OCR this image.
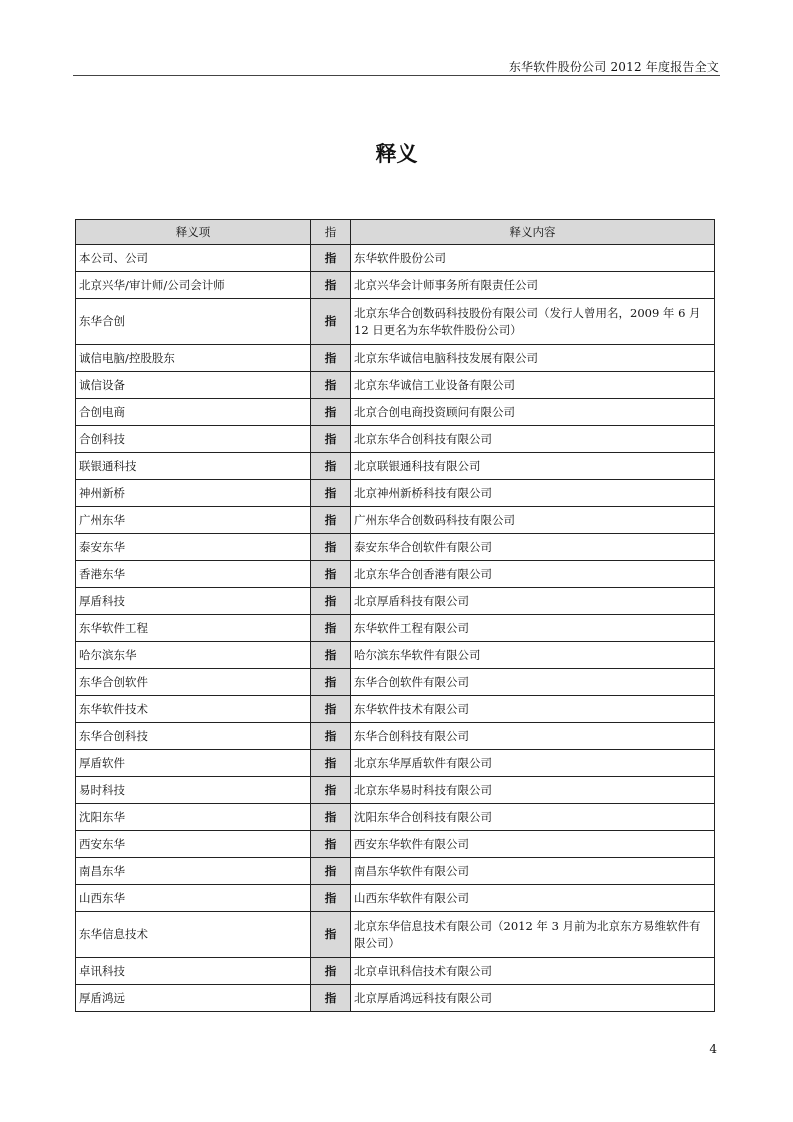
东华软件股份公司 2012 年度报告全文
释义
释义项	指	释义内容
本公司、公司	指	东华软件股份公司
北京兴华/审计师/公司会计师	指	北京兴华会计师事务所有限责任公司
东华合创	指	北京东华合创数码科技股份有限公司（发行人曾用名，2009 年 6 月 12 日更名为东华软件股份公司）
诚信电脑/控股股东	指	北京东华诚信电脑科技发展有限公司
诚信设备	指	北京东华诚信工业设备有限公司
合创电商	指	北京合创电商投资顾问有限公司
合创科技	指	北京东华合创科技有限公司
联银通科技	指	北京联银通科技有限公司
神州新桥	指	北京神州新桥科技有限公司
广州东华	指	广州东华合创数码科技有限公司
泰安东华	指	泰安东华合创软件有限公司
香港东华	指	北京东华合创香港有限公司
厚盾科技	指	北京厚盾科技有限公司
东华软件工程	指	东华软件工程有限公司
哈尔滨东华	指	哈尔滨东华软件有限公司
东华合创软件	指	东华合创软件有限公司
东华软件技术	指	东华软件技术有限公司
东华合创科技	指	东华合创科技有限公司
厚盾软件	指	北京东华厚盾软件有限公司
易时科技	指	北京东华易时科技有限公司
沈阳东华	指	沈阳东华合创科技有限公司
西安东华	指	西安东华软件有限公司
南昌东华	指	南昌东华软件有限公司
山西东华	指	山西东华软件有限公司
东华信息技术	指	北京东华信息技术有限公司（2012 年 3 月前为北京东方易维软件有限公司）
卓讯科技	指	北京卓讯科信技术有限公司
厚盾鸿远	指	北京厚盾鸿远科技有限公司
4
